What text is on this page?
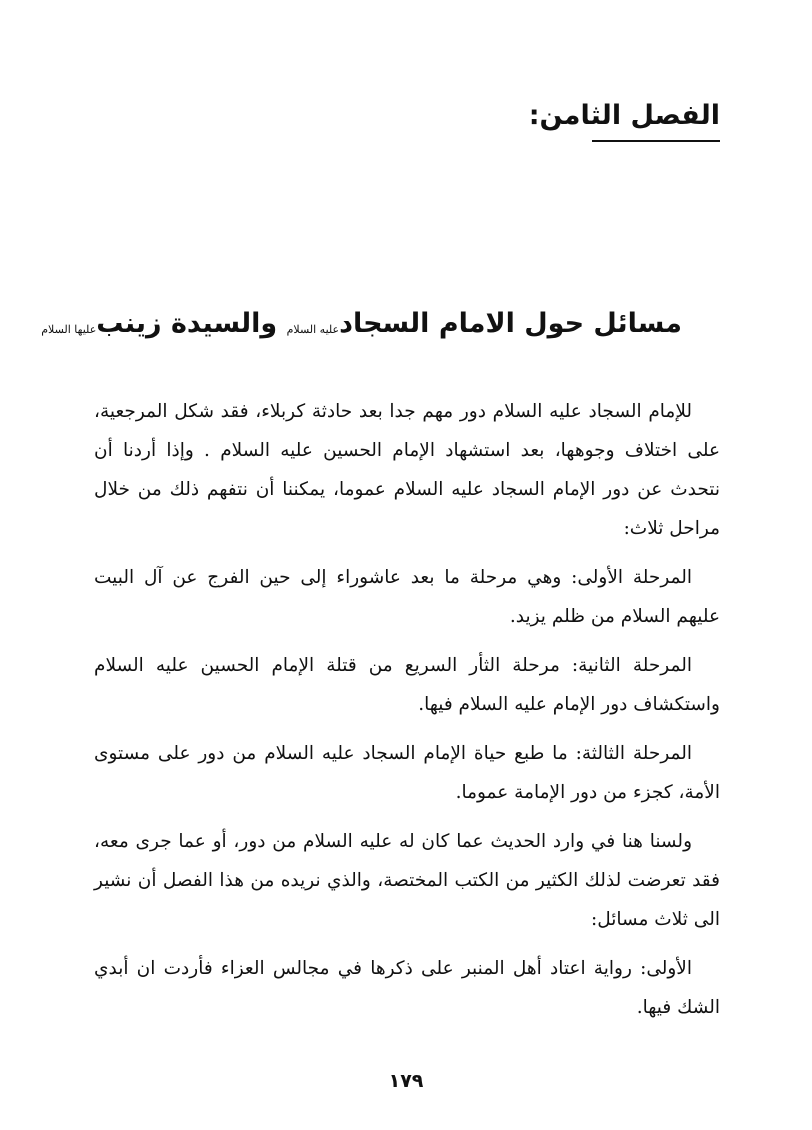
الفصل الثامن:
مسائل حول الامام السجادعليه السلام والسيدة زينبعليها السلام

للإمام السجاد عليه السلام دور مهم جدا بعد حادثة كربلاء، فقد شكل المرجعية، على اختلاف وجوهها، بعد استشهاد الإمام الحسين عليه السلام . وإذا أردنا أن نتحدث عن دور الإمام السجاد عليه السلام عموما، يمكننا أن نتفهم ذلك من خلال مراحل ثلاث:

المرحلة الأولى: وهي مرحلة ما بعد عاشوراء إلى حين الفرج عن آل البيت عليهم السلام من ظلم يزيد.

المرحلة الثانية: مرحلة الثأر السريع من قتلة الإمام الحسين عليه السلام واستكشاف دور الإمام عليه السلام فيها.

المرحلة الثالثة: ما طبع حياة الإمام السجاد عليه السلام من دور على مستوى الأمة، كجزء من دور الإمامة عموما.

ولسنا هنا في وارد الحديث عما كان له عليه السلام من دور، أو عما جرى معه، فقد تعرضت لذلك الكثير من الكتب المختصة، والذي نريده من هذا الفصل أن نشير الى ثلاث مسائل:

الأولى: رواية اعتاد أهل المنبر على ذكرها في مجالس العزاء فأردت ان أبدي الشك فيها.

١٧٩
